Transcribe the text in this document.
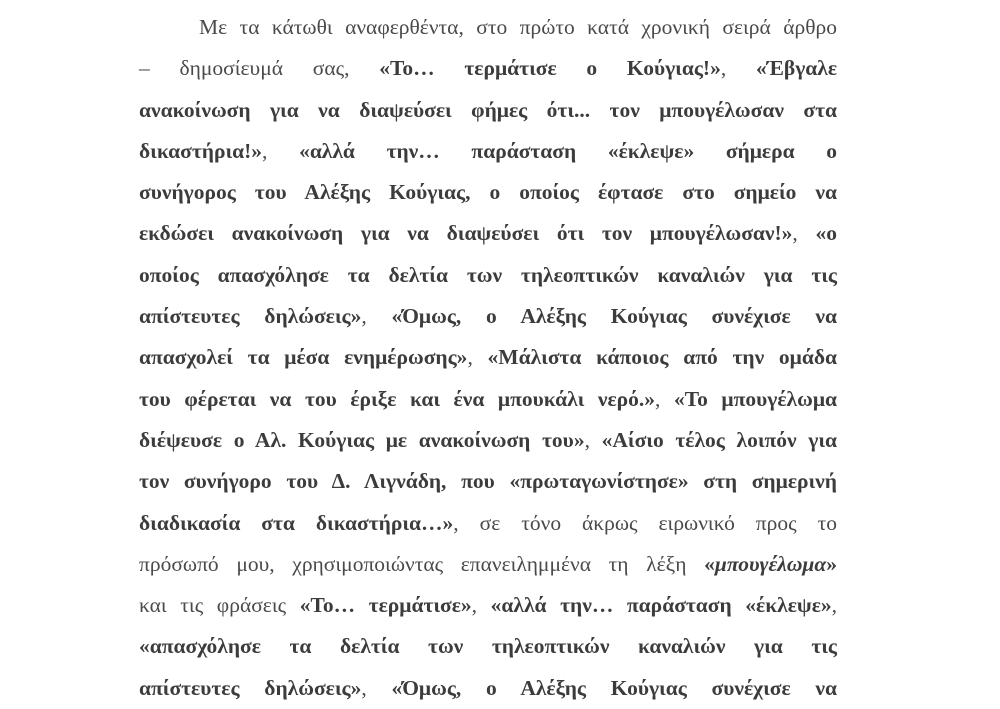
Με τα κάτωθι αναφερθέντα, στο πρώτο κατά χρονική σειρά άρθρο
– δημοσίευμά σας, «Το… τερμάτισε ο Κούγιας!», «Έβγαλε
ανακοίνωση για να διαψεύσει φήμες ότι... τον μπουγέλωσαν στα
δικαστήρια!», «αλλά την… παράσταση «έκλεψε» σήμερα ο
συνήγορος του Αλέξης Κούγιας, ο οποίος έφτασε στο σημείο να
εκδώσει ανακοίνωση για να διαψεύσει ότι τον μπουγέλωσαν!», «ο
οποίος απασχόλησε τα δελτία των τηλεοπτικών καναλιών για τις
απίστευτες δηλώσεις», «Όμως, ο Αλέξης Κούγιας συνέχισε να
απασχολεί τα μέσα ενημέρωσης», «Μάλιστα κάποιος από την ομάδα
του φέρεται να του έριξε και ένα μπουκάλι νερό.», «Το μπουγέλωμα
διέψευσε ο Αλ. Κούγιας με ανακοίνωση του», «Αίσιο τέλος λοιπόν για
τον συνήγορο του Δ. Λιγνάδη, που «πρωταγωνίστησε» στη σημερινή
διαδικασία στα δικαστήρια…», σε τόνο άκρως ειρωνικό προς το
πρόσωπό μου, χρησιμοποιώντας επανειλημμένα τη λέξη «μπουγέλωμα»
και τις φράσεις «Το… τερμάτισε», «αλλά την… παράσταση «έκλεψε»,
«απασχόλησε τα δελτία των τηλεοπτικών καναλιών για τις
απίστευτες δηλώσεις», «Όμως, ο Αλέξης Κούγιας συνέχισε να
